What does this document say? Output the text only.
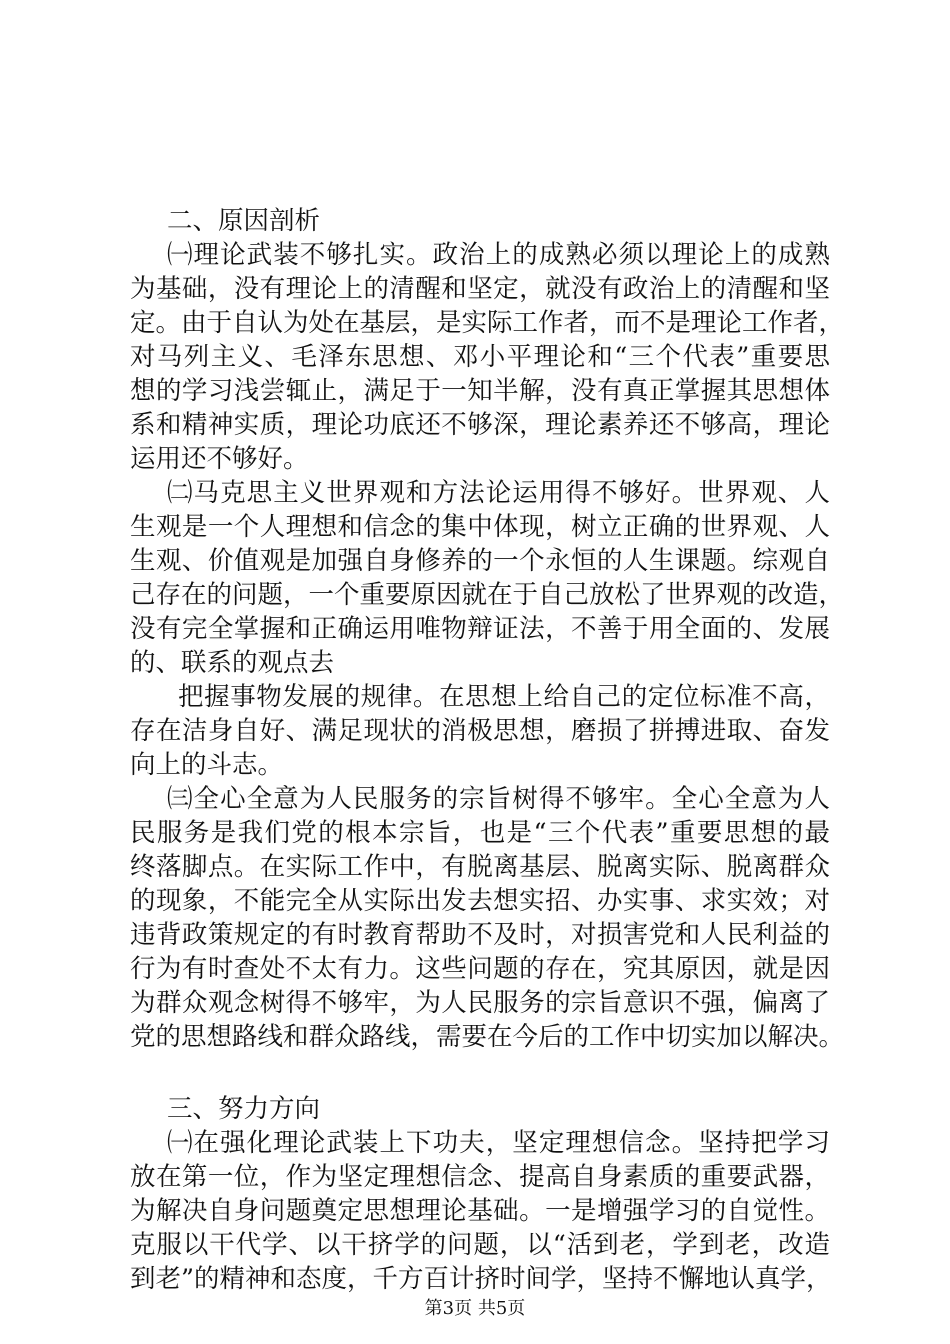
二、原因剖析
㈠理论武装不够扎实。政治上的成熟必须以理论上的成熟
为基础，没有理论上的清醒和坚定，就没有政治上的清醒和坚
定。由于自认为处在基层，是实际工作者，而不是理论工作者，
对马列主义、毛泽东思想、邓小平理论和“三个代表”重要思
想的学习浅尝辄止，满足于一知半解，没有真正掌握其思想体
系和精神实质，理论功底还不够深，理论素养还不够高，理论
运用还不够好。
㈡马克思主义世界观和方法论运用得不够好。世界观、人
生观是一个人理想和信念的集中体现，树立正确的世界观、人
生观、价值观是加强自身修养的一个永恒的人生课题。综观自
己存在的问题，一个重要原因就在于自己放松了世界观的改造，
没有完全掌握和正确运用唯物辩证法，不善于用全面的、发展
的、联系的观点去
把握事物发展的规律。在思想上给自己的定位标准不高，
存在洁身自好、满足现状的消极思想，磨损了拼搏进取、奋发
向上的斗志。
㈢全心全意为人民服务的宗旨树得不够牢。全心全意为人
民服务是我们党的根本宗旨，也是“三个代表”重要思想的最
终落脚点。在实际工作中，有脱离基层、脱离实际、脱离群众
的现象，不能完全从实际出发去想实招、办实事、求实效；对
违背政策规定的有时教育帮助不及时，对损害党和人民利益的
行为有时查处不太有力。这些问题的存在，究其原因，就是因
为群众观念树得不够牢，为人民服务的宗旨意识不强，偏离了
党的思想路线和群众路线，需要在今后的工作中切实加以解决。
三、努力方向
㈠在强化理论武装上下功夫，坚定理想信念。坚持把学习
放在第一位，作为坚定理想信念、提高自身素质的重要武器，
为解决自身问题奠定思想理论基础。一是增强学习的自觉性。
克服以干代学、以干挤学的问题，以“活到老，学到老，改造
到老”的精神和态度，千方百计挤时间学，坚持不懈地认真学，
第3页 共5页
